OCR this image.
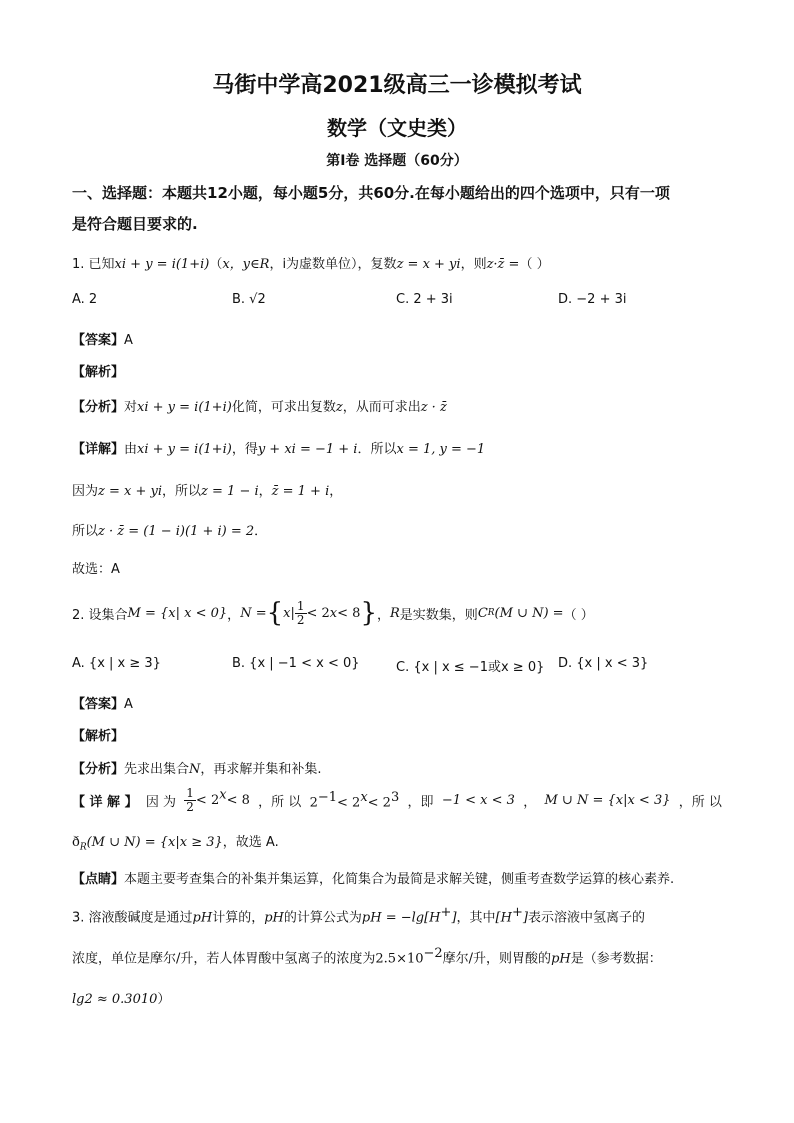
马街中学高2021级高三一诊模拟考试
数学（文史类）
第I卷 选择题（60分）
一、选择题：本题共12小题，每小题5分，共60分.在每小题给出的四个选项中，只有一项
是符合题目要求的.
1. 已知xi + y = i(1+i)（x，y∈R，i为虚数单位），复数z = x + yi，则z·z̄ =（ ）
A. 2	B. √2	C. 2 + 3i	D. −2 + 3i
【答案】A
【解析】
【分析】对xi + y = i(1+i)化简，可求出复数z，从而可求出z · z̄
【详解】由xi + y = i(1+i)，得y + xi = −1 + i．所以x = 1, y = −1
因为z = x + yi，所以z = 1 − i，z̄ = 1 + i，
所以z · z̄ = (1 − i)(1 + i) = 2．
故选：A
2. 设集合 M = {x| x < 0} ， N = { $x| \frac{1}{2} < 2$ x < 8 } ， R 是实数集，则 C R (M ∪ N) = （ ）
A. {x | x ≥ 3}	B. {x | −1 < x < 0}	C. {x | x ≤ −1或x ≥ 0} D. {x | x < 3}
【答案】A
【解析】
【分析】先求出集合N，再求解并集和补集.
【 详 解 】 因 为 $\frac{1}{2} < 2^x< 8$ ，所 以 $2^{-1}< 2^x< 2^3$ ，即 −1 < x < 3 ， M ∪ N = {x|x < 3} ，所 以
$ð_R(M$ ∪ N) = {x|x ≥ 3}，故选 A.
【点睛】本题主要考查集合的补集并集运算，化简集合为最简是求解关键，侧重考查数学运算的核心素养.
3. 溶液酸碱度是通过pH计算的，pH的计算公式为pH = −lg[H+]，其中[H+]表示溶液中氢离子的
浓度，单位是摩尔/升，若人体胃酸中氢离子的浓度为$2.5\times 10^{-2}$摩尔/升，则胃酸的pH是（参考数据：
lg2 ≈ 0.3010）
